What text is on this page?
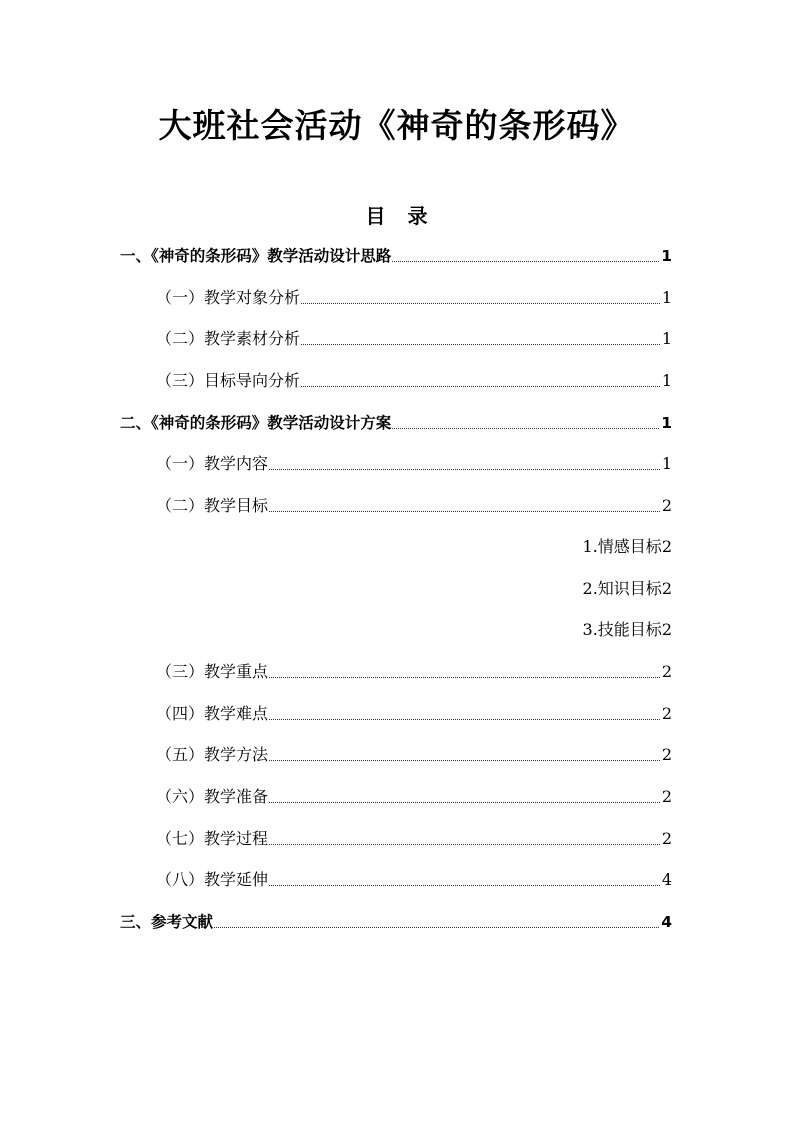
大班社会活动《神奇的条形码》
目 录
一、《神奇的条形码》教学活动设计思路	1
（一）教学对象分析	1
（二）教学素材分析	1
（三）目标导向分析	1
二、《神奇的条形码》教学活动设计方案	1
（一）教学内容	1
（二）教学目标	2
1.情感目标 2
2.知识目标 2
3.技能目标 2
（三）教学重点	2
（四）教学难点	2
（五）教学方法	2
（六）教学准备	2
（七）教学过程	2
（八）教学延伸	4
三、参考文献	4
